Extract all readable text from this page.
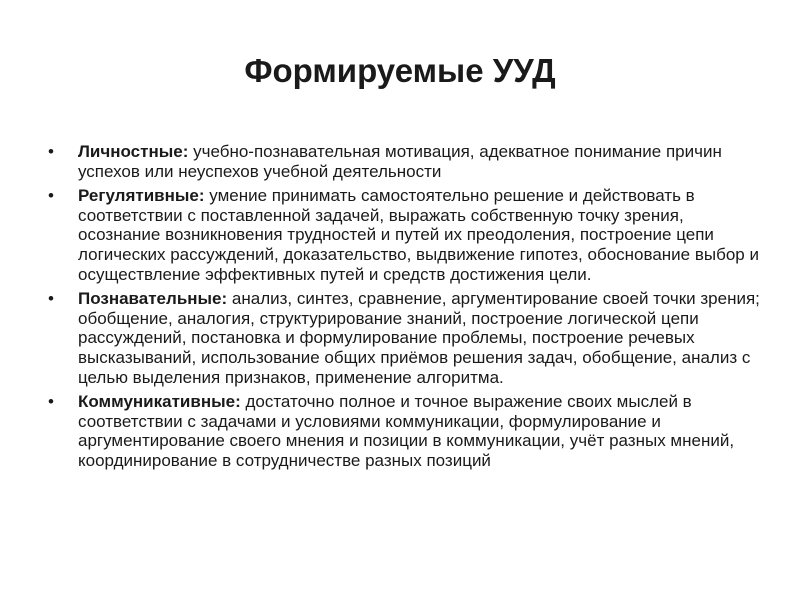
Формируемые УУД
• Личностные: учебно-познавательная мотивация, адекватное понимание причин успехов или неуспехов учебной деятельности
• Регулятивные: умение принимать самостоятельно решение и действовать в соответствии с поставленной задачей, выражать собственную точку зрения, осознание возникновения трудностей и путей их преодоления, построение цепи логических рассуждений, доказательство, выдвижение гипотез, обоснование выбор и осуществление эффективных путей и средств достижения цели.
• Познавательные: анализ, синтез, сравнение, аргументирование своей точки зрения; обобщение, аналогия, структурирование знаний, построение логической цепи рассуждений, постановка и формулирование проблемы, построение речевых высказываний, использование общих приёмов решения задач, обобщение, анализ с целью выделения признаков, применение алгоритма.
• Коммуникативные: достаточно полное и точное выражение своих мыслей в соответствии с задачами и условиями коммуникации, формулирование и аргументирование своего мнения и позиции в коммуникации, учёт разных мнений, координирование в сотрудничестве разных позиций
